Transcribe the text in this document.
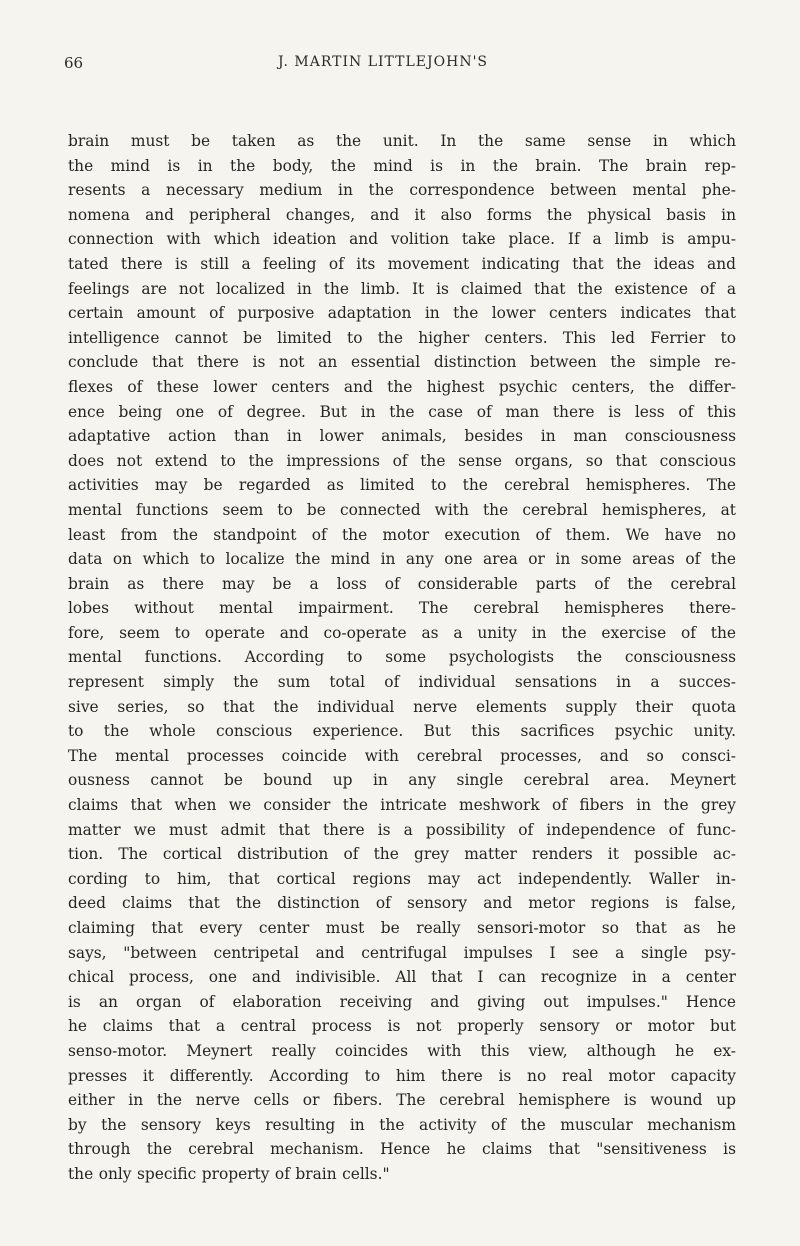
66	J. MARTIN LITTLEJOHN'S
brain must be taken as the unit. In the same sense in which
the mind is in the body, the mind is in the brain. The brain rep-
resents a necessary medium in the correspondence between mental phe-
nomena and peripheral changes, and it also forms the physical basis in
connection with which ideation and volition take place. If a limb is ampu-
tated there is still a feeling of its movement indicating that the ideas and
feelings are not localized in the limb. It is claimed that the existence of a
certain amount of purposive adaptation in the lower centers indicates that
intelligence cannot be limited to the higher centers. This led Ferrier to
conclude that there is not an essential distinction between the simple re-
flexes of these lower centers and the highest psychic centers, the differ-
ence being one of degree. But in the case of man there is less of this
adaptative action than in lower animals, besides in man consciousness
does not extend to the impressions of the sense organs, so that conscious
activities may be regarded as limited to the cerebral hemispheres. The
mental functions seem to be connected with the cerebral hemispheres, at
least from the standpoint of the motor execution of them. We have no
data on which to localize the mind in any one area or in some areas of the
brain as there may be a loss of considerable parts of the cerebral
lobes without mental impairment. The cerebral hemispheres there-
fore, seem to operate and co-operate as a unity in the exercise of the
mental functions. According to some psychologists the consciousness
represent simply the sum total of individual sensations in a succes-
sive series, so that the individual nerve elements supply their quota
to the whole conscious experience. But this sacrifices psychic unity.
The mental processes coincide with cerebral processes, and so consci-
ousness cannot be bound up in any single cerebral area. Meynert
claims that when we consider the intricate meshwork of fibers in the grey
matter we must admit that there is a possibility of independence of func-
tion. The cortical distribution of the grey matter renders it possible ac-
cording to him, that cortical regions may act independently. Waller in-
deed claims that the distinction of sensory and metor regions is false,
claiming that every center must be really sensori-motor so that as he
says, "between centripetal and centrifugal impulses I see a single psy-
chical process, one and indivisible. All that I can recognize in a center
is an organ of elaboration receiving and giving out impulses." Hence
he claims that a central process is not properly sensory or motor but
senso-motor. Meynert really coincides with this view, although he ex-
presses it differently. According to him there is no real motor capacity
either in the nerve cells or fibers. The cerebral hemisphere is wound up
by the sensory keys resulting in the activity of the muscular mechanism
through the cerebral mechanism. Hence he claims that "sensitiveness is
the only specific property of brain cells."
